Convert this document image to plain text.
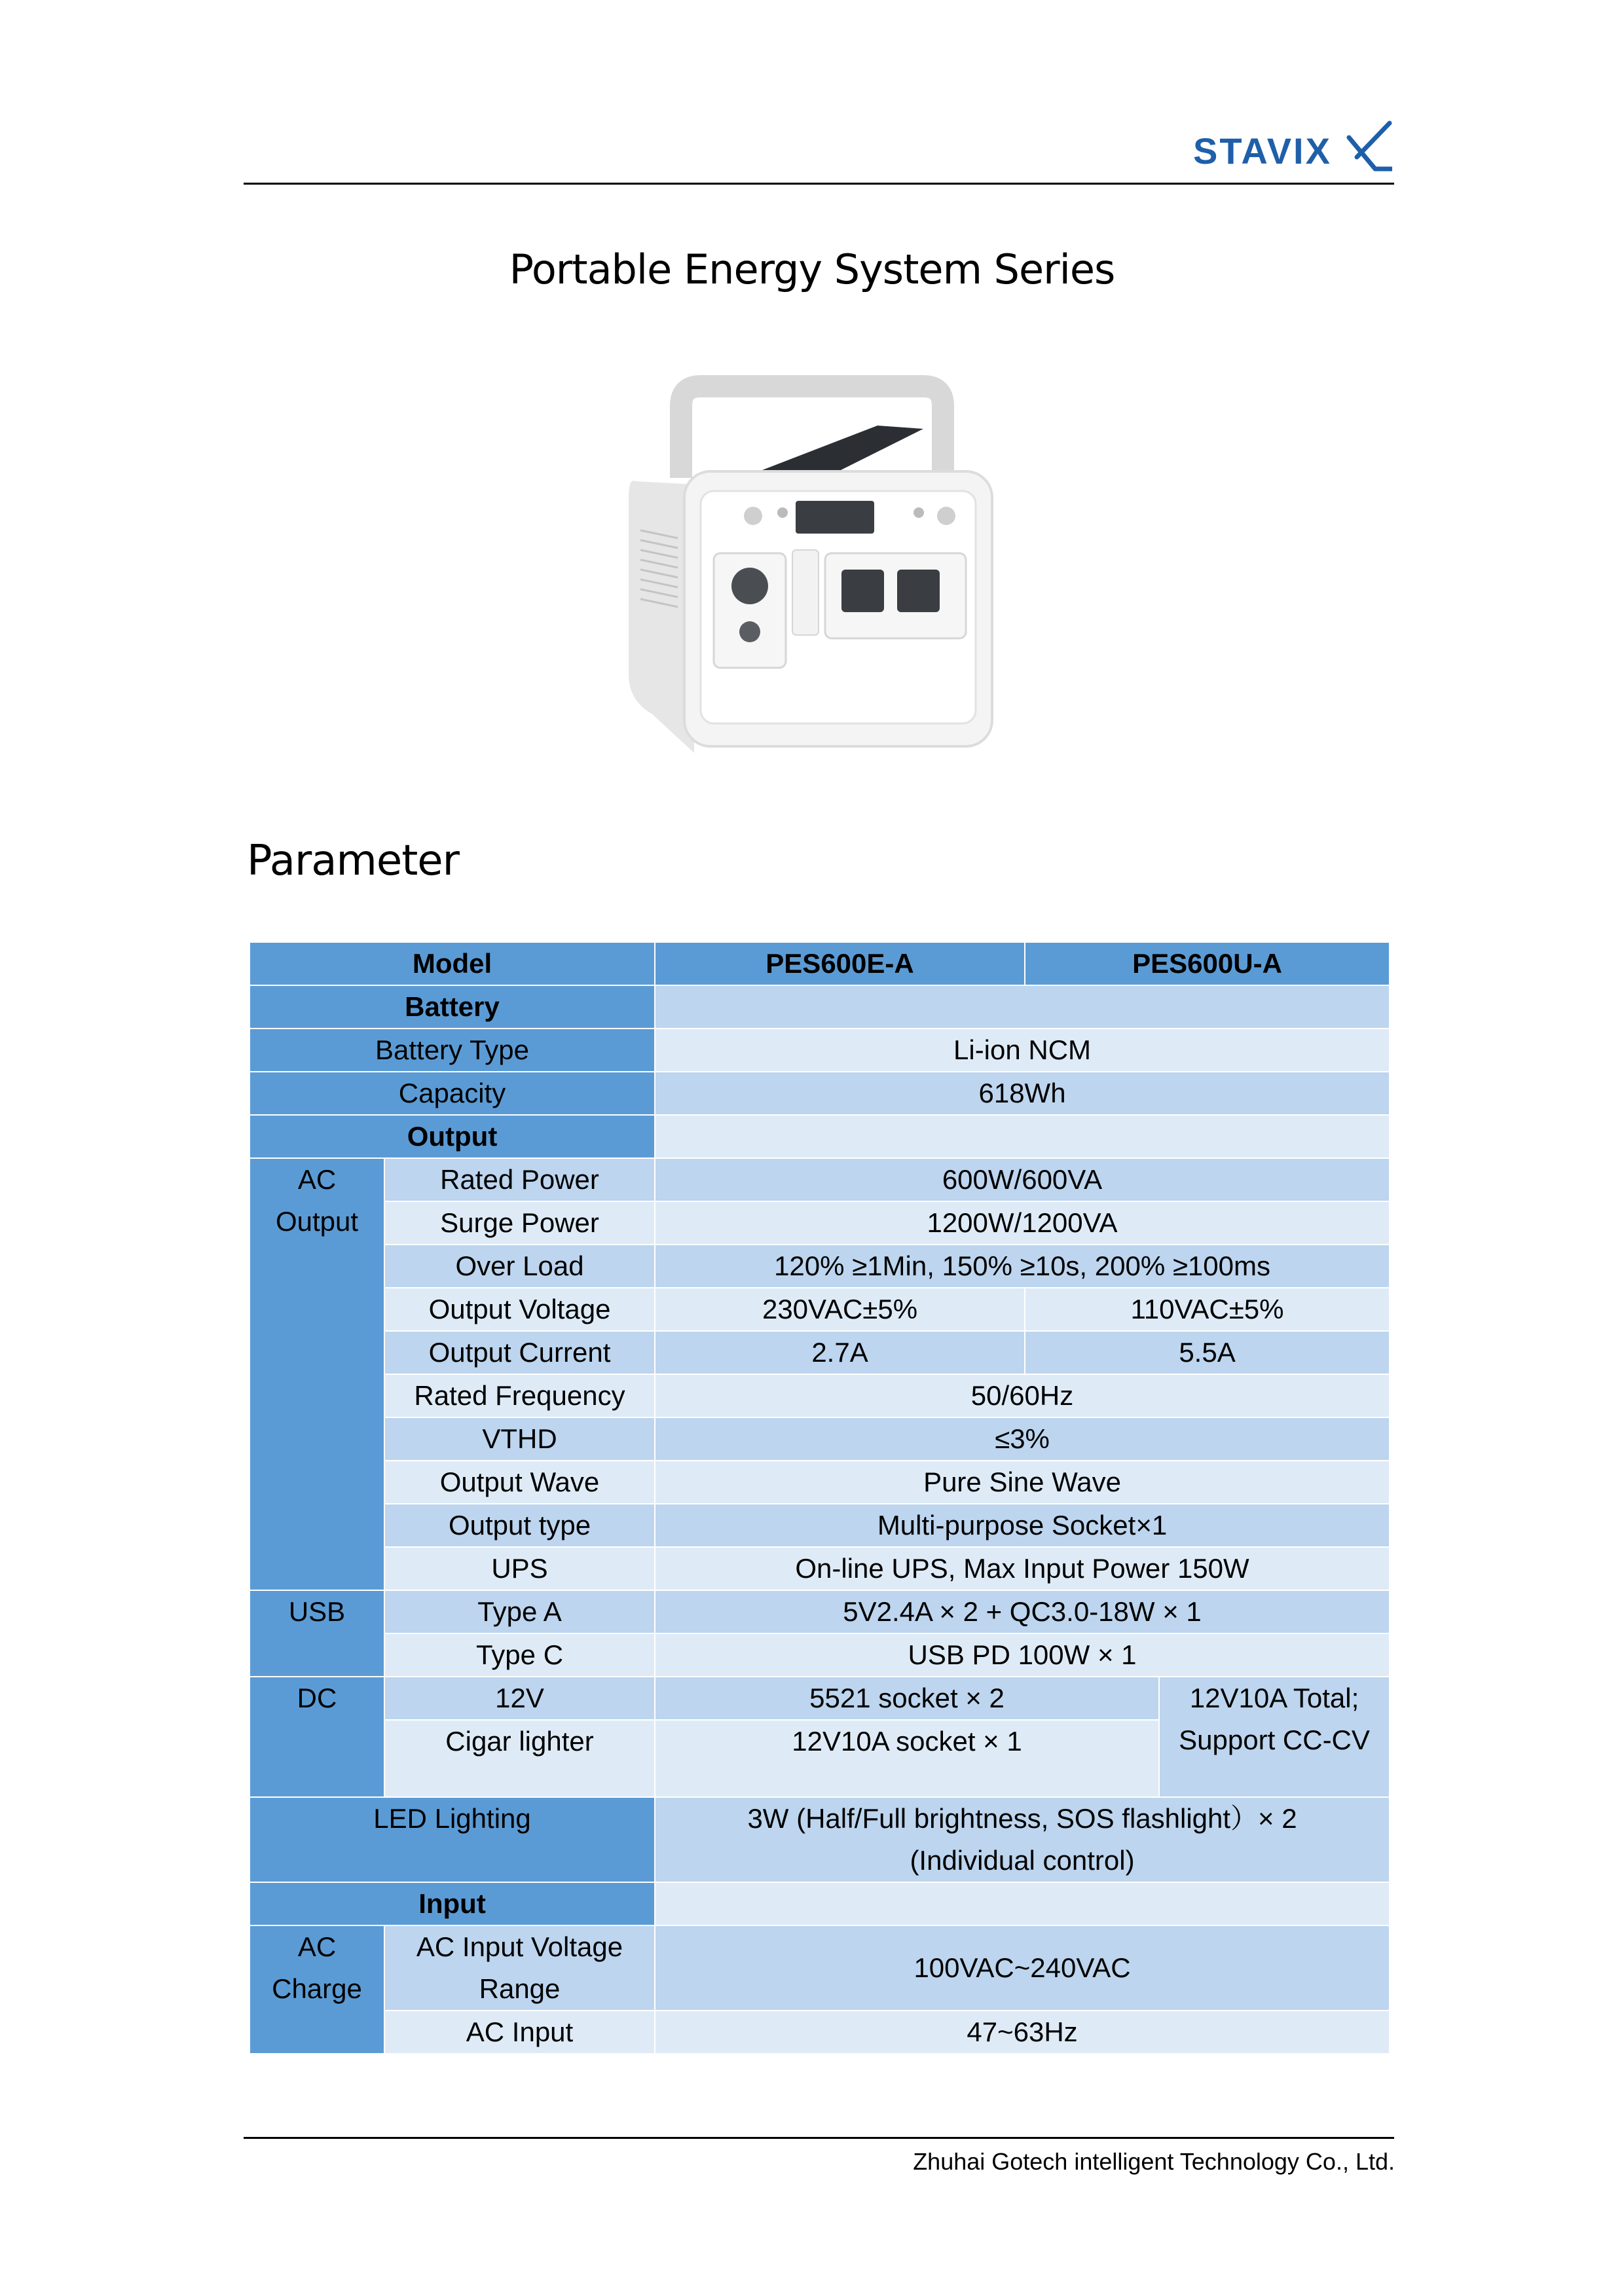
STAVIX
Portable Energy System Series
Parameter
Model		PES600E-A	PES600U-A	
Battery				
Battery Type		Li-ion NCM		
Capacity		618Wh		
Output				
AC
Output	Rated Power	600W/600VA		
	Surge Power	1200W/1200VA		
	Over Load	120% ≥1Min, 150% ≥10s, 200% ≥100ms		
	Output Voltage	230VAC±5%	110VAC±5%	
	Output Current	2.7A	5.5A	
	Rated Frequency	50/60Hz		
	VTHD	≤3%		
	Output Wave	Pure Sine Wave		
	Output type	Multi-purpose Socket×1		
	UPS	On-line UPS, Max Input Power 150W		
USB	Type A	5V2.4A × 2 + QC3.0-18W × 1		
	Type C	USB PD 100W × 1		
DC	12V	5521 socket × 2		12V10A Total; Support CC-CV
	Cigar lighter	12V10A socket × 1		
LED Lighting		3W (Half/Full brightness, SOS flashlight）× 2 (Individual control)		
Input				
AC
Charge	AC Input Voltage Range	100VAC~240VAC		
	AC Input	47~63Hz		
Zhuhai Gotech intelligent Technology Co., Ltd.
